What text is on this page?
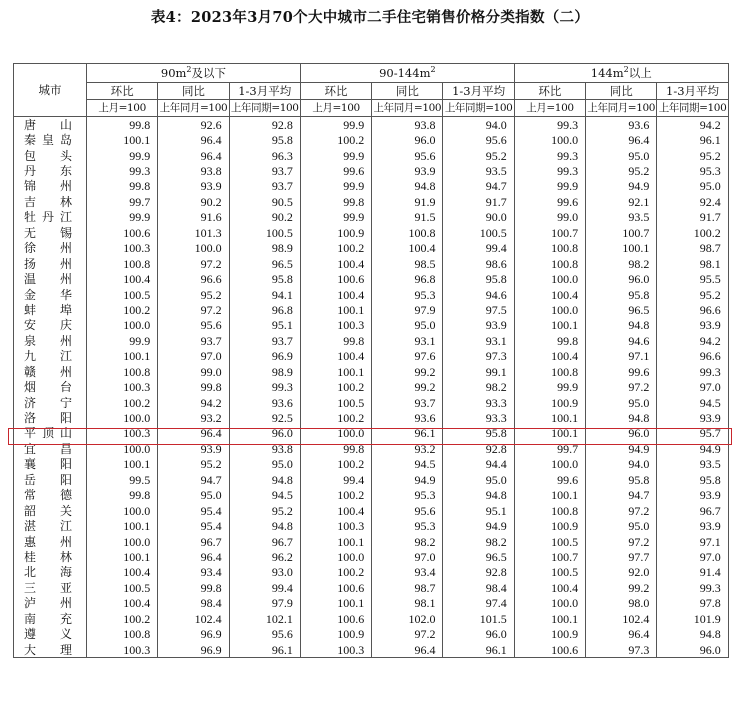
表4：2023年3月70个大中城市二手住宅销售价格分类指数（二）
城市	$90m^2$及以下			$90-144m^2$			$144m^2$以上		
	环比	同比	1-3月平均	环比	同比	1-3月平均	环比	同比	1-3月平均
	上月=100	上年同月=100	上年同期=100	上月=100	上年同月=100	上年同期=100	上月=100	上年同月=100	上年同期=100
唐　　山	99.8	92.6	92.8	99.9	93.8	94.0	99.3	93.6	94.2
秦 皇 岛	100.1	96.4	95.8	100.2	96.0	95.6	100.0	96.4	96.1
包　　头	99.9	96.4	96.3	99.9	95.6	95.2	99.3	95.0	95.2
丹　　东	99.3	93.8	93.7	99.6	93.9	93.5	99.3	95.2	95.3
锦　　州	99.8	93.9	93.7	99.9	94.8	94.7	99.9	94.9	95.0
吉　　林	99.7	90.2	90.5	99.8	91.9	91.7	99.6	92.1	92.4
牡 丹 江	99.9	91.6	90.2	99.9	91.5	90.0	99.0	93.5	91.7
无　　锡	100.6	101.3	100.5	100.9	100.8	100.5	100.7	100.7	100.2
徐　　州	100.3	100.0	98.9	100.2	100.4	99.4	100.8	100.1	98.7
扬　　州	100.8	97.2	96.5	100.4	98.5	98.6	100.8	98.2	98.1
温　　州	100.4	96.6	95.8	100.6	96.8	95.8	100.0	96.0	95.5
金　　华	100.5	95.2	94.1	100.4	95.3	94.6	100.4	95.8	95.2
蚌　　埠	100.2	97.2	96.8	100.1	97.9	97.5	100.0	96.5	96.6
安　　庆	100.0	95.6	95.1	100.3	95.0	93.9	100.1	94.8	93.9
泉　　州	99.9	93.7	93.7	99.8	93.1	93.1	99.8	94.6	94.2
九　　江	100.1	97.0	96.9	100.4	97.6	97.3	100.4	97.1	96.6
赣　　州	100.8	99.0	98.9	100.1	99.2	99.1	100.8	99.6	99.3
烟　　台	100.3	99.8	99.3	100.2	99.2	98.2	99.9	97.2	97.0
济　　宁	100.2	94.2	93.6	100.5	93.7	93.3	100.9	95.0	94.5
洛　　阳	100.0	93.2	92.5	100.2	93.6	93.3	100.1	94.8	93.9
平 顶 山	100.3	96.4	96.0	100.0	96.1	95.8	100.1	96.0	95.7
宜　　昌	100.0	93.9	93.8	99.8	93.2	92.8	99.7	94.9	94.9
襄　　阳	100.1	95.2	95.0	100.2	94.5	94.4	100.0	94.0	93.5
岳　　阳	99.5	94.7	94.8	99.4	94.9	95.0	99.6	95.8	95.8
常　　德	99.8	95.0	94.5	100.2	95.3	94.8	100.1	94.7	93.9
韶　　关	100.0	95.4	95.2	100.4	95.6	95.1	100.8	97.2	96.7
湛　　江	100.1	95.4	94.8	100.3	95.3	94.9	100.9	95.0	93.9
惠　　州	100.0	96.7	96.7	100.1	98.2	98.2	100.5	97.2	97.1
桂　　林	100.1	96.4	96.2	100.0	97.0	96.5	100.7	97.7	97.0
北　　海	100.4	93.4	93.0	100.2	93.4	92.8	100.5	92.0	91.4
三　　亚	100.5	99.8	99.4	100.6	98.7	98.4	100.4	99.2	99.3
泸　　州	100.4	98.4	97.9	100.1	98.1	97.4	100.0	98.0	97.8
南　　充	100.2	102.4	102.1	100.6	102.0	101.5	100.1	102.4	101.9
遵　　义	100.8	96.9	95.6	100.9	97.2	96.0	100.9	96.4	94.8
大　　理	100.3	96.9	96.1	100.3	96.4	96.1	100.6	97.3	96.0
